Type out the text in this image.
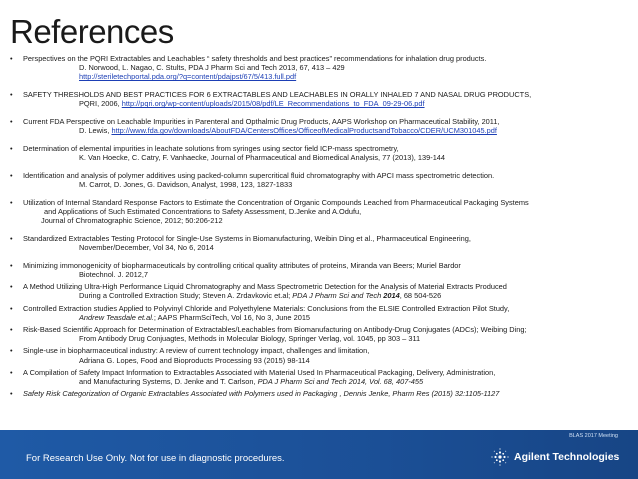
References
• Perspectives on the PQRI Extractables and Leachables “ safety thresholds and best practices” recommendations for inhalation drug products.
D. Norwood, L. Nagao, C. Stults, PDA J Pharm Sci and Tech 2013, 67, 413 – 429
http://steriletechportal.pda.org/?q=content/pdajpst/67/5/413.full.pdf
• SAFETY THRESHOLDS AND BEST PRACTICES FOR 6 EXTRACTABLES AND LEACHABLES IN ORALLY INHALED 7 AND NASAL DRUG PRODUCTS,
PQRI, 2006, http://pqri.org/wp-content/uploads/2015/08/pdf/LE_Recommendations_to_FDA_09-29-06.pdf
• Current FDA Perspective on Leachable Impurities in Parenteral and Opthalmic Drug Products, AAPS Workshop on Pharmaceutical Stability, 2011,
D. Lewis, http://www.fda.gov/downloads/AboutFDA/CentersOffices/OfficeofMedicalProductsandTobacco/CDER/UCM301045.pdf
• Determination of elemental impurities in leachate solutions from syringes using sector field ICP-mass spectrometry,
K. Van Hoecke, C. Catry, F. Vanhaecke, Journal of Pharmaceutical and Biomedical Analysis, 77 (2013), 139-144
• Identification and analysis of polymer additives using packed-column supercritical fluid chromatography with APCI mass spectrometric detection.
M. Carrot, D. Jones, G. Davidson, Analyst, 1998, 123, 1827-1833
• Utilization of Internal Standard Response Factors to Estimate the Concentration of Organic Compounds Leached from Pharmaceutical Packaging Systems
and Applications of Such Estimated Concentrations to Safety Assessment, D.Jenke and A.Odufu,
Journal of Chromatographic Science, 2012; 50:206-212
• Standardized Extractables Testing Protocol for Single-Use Systems in Biomanufacturing, Weibin Ding et al., Pharmaceutical Engineering,
November/December, Vol 34, No 6, 2014
• Minimizing immonogenicity of biopharmaceuticals by controlling critical quality attributes of proteins, Miranda van Beers; Muriel Bardor
Biotechnol. J. 2012,7
• A Method Utilizing Ultra-High Performance Liquid Chromatography and Mass Spectrometric Detection for the Analysis of Material Extracts Produced
During a Controlled Extraction Study; Steven A. Zrdavkovic et.al; PDA J Pharm Sci and Tech 2014, 68 504-526
• Controlled Extraction studies Applied to Polyvinyl Chloride and Polyethylene Materials: Conclusions from the ELSIE Controlled Extraction Pilot Study,
Andrew Teasdale et.al.; AAPS PharmSciTech, Vol 16, No 3, June 2015
• Risk-Based Scientific Approach for Determination of Extractables/Leachables from Biomanufacturing on Antibody-Drug Conjugates (ADCs); Weibing Ding;
From Antibody Drug Conjuagtes, Methods in Molecular Biology, Springer Verlag, vol. 1045, pp 303 – 311
• Single-use in biopharmaceutical industry: A review of current technology impact, challenges and limitation,
Adriana G. Lopes, Food and Bioproducts Processing 93 (2015) 98-114
• A Compilation of Safety Impact Information to Extractables Associated with Material Used In Pharmaceutical Packaging, Delivery, Administration,
and Manufacturing Systems, D. Jenke and T. Carlson, PDA J Pharm Sci and Tech 2014, Vol. 68, 407-455
• Safety Risk Categorization of Organic Extractables Associated with Polymers used in Packaging , Dennis Jenke, Pharm Res (2015) 32:1105-1127
BLAS 2017 Meeting
For Research Use Only. Not for use in diagnostic procedures.	Agilent Technologies
